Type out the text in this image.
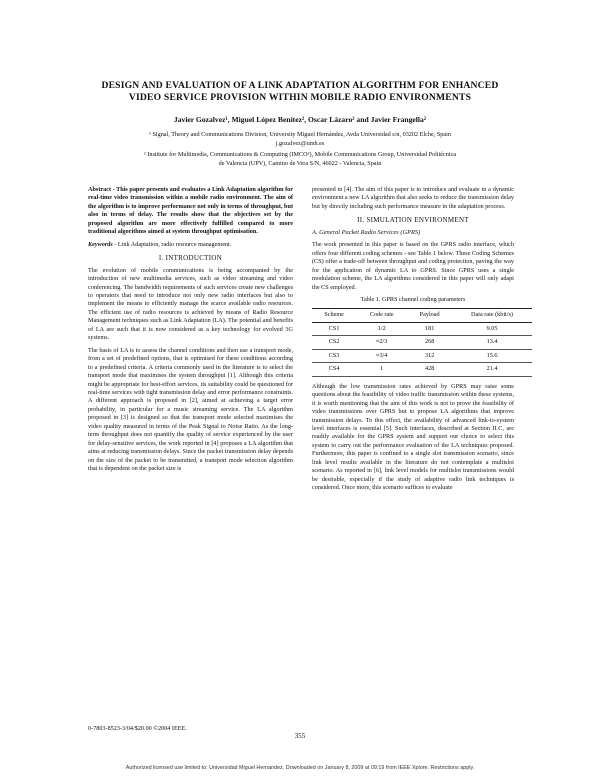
DESIGN AND EVALUATION OF A LINK ADAPTATION ALGORITHM FOR ENHANCED
VIDEO SERVICE PROVISION WITHIN MOBILE RADIO ENVIRONMENTS
Javier Gozalvez¹, Miguel López Benítez², Oscar Lázaro² and Javier Frangella²
¹ Signal, Theory and Communications Division, University Miguel Hernández, Avda Universidad s/n, 03202 Elche, Spain
j.gozalvez@umh.es
² Institute for Multimedia, Communications & Computing (IMCO²), Mobile Communications Group, Universidad Politécnica
de Valencia (UPV), Camino de Vera S/N, 46022 - Valencia, Spain

Abstract - This paper presents and evaluates a Link Adaptation algorithm for real-time video transmission within a mobile radio environment. The aim of the algorithm is to improve performance not only in terms of throughput, but also in terms of delay. The results show that the objectives set by the proposed algorithm are more effectively fulfilled compared to more traditional algorithms aimed at system throughput optimisation.

Keywords - Link Adaptation, radio resource management.

I. INTRODUCTION

The evolution of mobile communications is being accompanied by the introduction of new multimedia services, such as video streaming and video conferencing. The bandwidth requirements of such services create new challenges to operators that need to introduce not only new radio interfaces but also to implement the means to efficiently manage the scarce available radio resources. The efficient use of radio resources is achieved by means of Radio Resource Management techniques such as Link Adaptation (LA). The potential and benefits of LA are such that it is now considered as a key technology for evolved 3G systems.

The basis of LA is to assess the channel conditions and then use a transport mode, from a set of predefined options, that is optimised for these conditions according to a predefined criteria. A criteria commonly used in the literature is to select the transport mode that maximises the system throughput [1]. Although this criteria might be appropriate for best-effort services, its suitability could be questioned for real-time services with tight transmission delay and error performance constraints. A different approach is proposed in [2], aimed at achieving a target error probability, in particular for a music streaming service. The LA algorithm proposed in [3] is designed so that the transport mode selected maximises the video quality measured in terms of the Peak Signal to Noise Ratio. As the long-term throughput does not quantify the quality of service experienced by the user for delay-sensitive services, the work reported in [4] proposes a LA algorithm that aims at reducing transmission delays. Since the packet transmission delay depends on the size of the packet to be transmitted, a transport mode selection algorithm that is dependent on the packet size is

presented in [4]. The aim of this paper is to introduce and evaluate in a dynamic environment a new LA algorithm that also seeks to reduce the transmission delay but by directly including such performance measure in the adaptation process.

II. SIMULATION ENVIRONMENT
A. General Packet Radio Services (GPRS)

The work presented in this paper is based on the GPRS radio interface, which offers four different coding schemes - see Table 1 below. These Coding Schemes (CS) offer a trade-off between throughput and coding protection, paving the way for the application of dynamic LA to GPRS. Since GPRS uses a single modulation scheme, the LA algorithms considered in this paper will only adapt the CS employed.

Table 1. GPRS channel coding parameters
Scheme	Code rate	Payload	Data rate (kbit/s)
CS1	1/2	181	9.05
CS2	≈2/3	268	13.4
CS3	≈3/4	312	15.6
CS4	1	428	21.4

Although the low transmission rates achieved by GPRS may raise some questions about the feasibility of video traffic transmission within these systems, it is worth mentioning that the aim of this work is not to prove the feasibility of video transmissions over GPRS but to propose LA algorithms that improve transmission delays. To this effect, the availability of advanced link-to-system level interfaces is essential [5]. Such interfaces, described at Section II.C, are readily available for the GPRS system and support our choice to select this system to carry out the performance evaluation of the LA techniques proposed. Furthermore, this paper is confined to a single slot transmission scenario, since link level results available in the literature do not contemplate a multislot scenario. As reported in [6], link level models for multislot transmissions would be desirable, especially if the study of adaptive radio link techniques is considered. Once more, this scenario suffices to evaluate

0-7803-8523-3/04/$20.00 ©2004 IEEE.
355
Authorized licensed use limited to: Universidad Miguel Hernandez. Downloaded on January 8, 2009 at 09:19 from IEEE Xplore. Restrictions apply.
